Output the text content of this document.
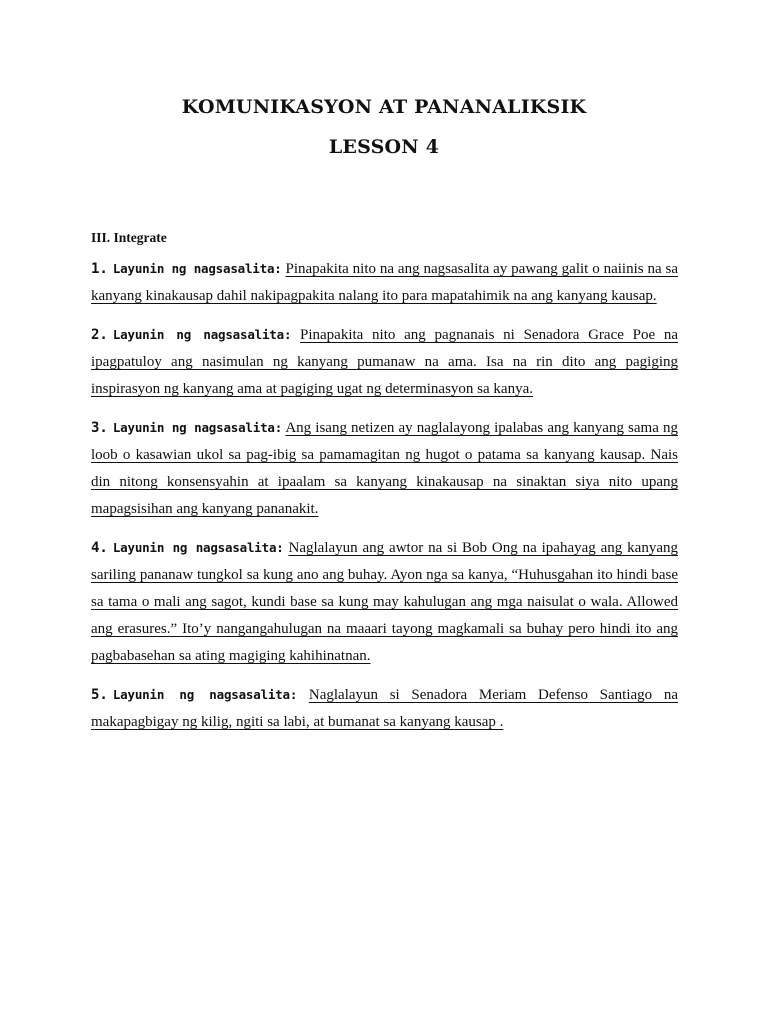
KOMUNIKASYON AT PANANALIKSIK
LESSON 4

III. Integrate

1. Layunin ng nagsasalita: Pinapakita nito na ang nagsasalita ay pawang galit o naiinis na sa kanyang kinakausap dahil nakipagpakita nalang ito para mapatahimik na ang kanyang kausap.

2. Layunin ng nagsasalita: Pinapakita nito ang pagnanais ni Senadora Grace Poe na ipagpatuloy ang nasimulan ng kanyang pumanaw na ama. Isa na rin dito ang pagiging inspirasyon ng kanyang ama at pagiging ugat ng determinasyon sa kanya.

3. Layunin ng nagsasalita: Ang isang netizen ay naglalayong ipalabas ang kanyang sama ng loob o kasawian ukol sa pag-ibig sa pamamagitan ng hugot o patama sa kanyang kausap. Nais din nitong konsensyahin at ipaalam sa kanyang kinakausap na sinaktan siya nito upang mapagsisihan ang kanyang pananakit.

4. Layunin ng nagsasalita: Naglalayun ang awtor na si Bob Ong na ipahayag ang kanyang sariling pananaw tungkol sa kung ano ang buhay. Ayon nga sa kanya, “Huhusgahan ito hindi base sa tama o mali ang sagot, kundi base sa kung may kahulugan ang mga naisulat o wala. Allowed ang erasures.” Ito’y nangangahulugan na maaari tayong magkamali sa buhay pero hindi ito ang pagbabasehan sa ating magiging kahihinatnan.

5. Layunin ng nagsasalita: Naglalayun si Senadora Meriam Defenso Santiago na makapagbigay ng kilig, ngiti sa labi, at bumanat sa kanyang kausap .
